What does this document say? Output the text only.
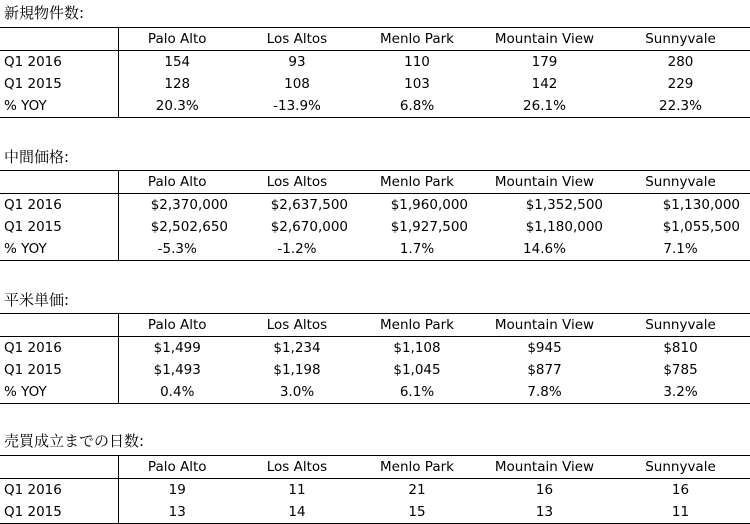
新規物件数:
	Palo Alto	Los Altos	Menlo Park	Mountain View	Sunnyvale
Q1 2016	154	93	110	179	280
Q1 2015	128	108	103	142	229
% YOY	20.3%	-13.9%	6.8%	26.1%	22.3%
中間価格:
	Palo Alto	Los Altos	Menlo Park	Mountain View	Sunnyvale
Q1 2016	$2,370,000	$2,637,500	$1,960,000	$1,352,500	$1,130,000
Q1 2015	$2,502,650	$2,670,000	$1,927,500	$1,180,000	$1,055,500
% YOY	-5.3%	-1.2%	1.7%	14.6%	7.1%
平米単価:
	Palo Alto	Los Altos	Menlo Park	Mountain View	Sunnyvale
Q1 2016	$1,499	$1,234	$1,108	$945	$810
Q1 2015	$1,493	$1,198	$1,045	$877	$785
% YOY	0.4%	3.0%	6.1%	7.8%	3.2%
売買成立までの日数:
	Palo Alto	Los Altos	Menlo Park	Mountain View	Sunnyvale
Q1 2016	19	11	21	16	16
Q1 2015	13	14	15	13	11
